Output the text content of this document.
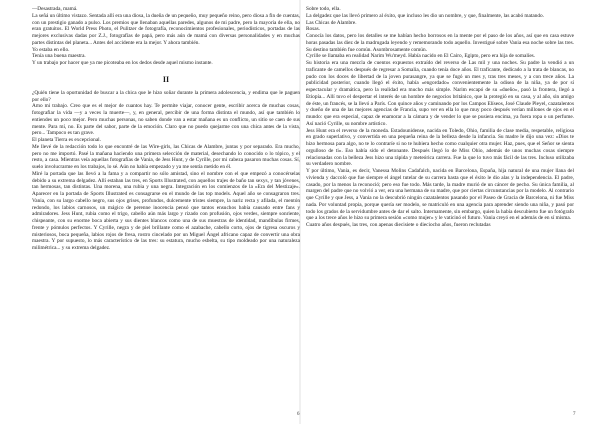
—Desastrada, mamá.

La señá un último vistazo. Sentada allí era una diosa, la dueña de un pequeño, muy pequeño reino, pero diosa a fin de cuentas, con un prestigio ganado a pulso. Los premios que llenaban aquellas paredes, algunos de mi padre, pero la mayoría de ella, no eran gratuitos. El World Press Photo, el Pulitzer de fotografía, reconocimientos profesionales, periodísticos, portadas de las mejores exclusivas dadas por Z.J., fotografías de papá, pero más aún de mamá con diversas personalidades y en muchas partes distintas del planeta... Antes del accidente era la mejor. Y ahora también.

Yo estaba en ello.

Tenía una buena maestra.

Y un trabajo por hacer que ya me picoteaba en los dedos desde aquel mismo instante.

II

¿Quién tiene la oportunidad de buscar a la chica que le hizo soñar durante la primera adolescencia, y endima que le paguen por ello?

Amo mi trabajo. Creo que es el mejor de cuantos hay. Te permite viajar, conocer gente, escribir acerca de muchas cosas, fotografiar la vida —y a veces la muerte—, y, en general, percibir de una forma distinta el mundo, así que también lo entiendes un poco mejor. Pero muchas personas, no saben donde van a estar mañana es un conflicto, un sitio se caen de sus mente. Para mí, no. Es parte del sabor, parte de la emoción. Claro que no puedo quejarme con una chica antes de la vista, pero... Tampoco es tan grave.

El planeta Tierra es excepcional.

Me llevé de la redacción todo lo que encontré de las Wire-girls, las Chicas de Alambre, juntas y por separado. Era mucho, pero no me importó. Pasé la mañana haciendo una primera selección de material, desechando lo conocido o lo tópico, y el resto, a casa. Mientras veía aquellas fotografías de Vania, de Jess Hunt, y de Cyrille, por mi cabeza pasaron muchas cosas. Sí, suelo involucrarme en los trabajos, lo sé. Aún no había empezado y ya me sentía metido en él.

Miré la portada que las llevó a la fama y a compartir no sólo amistad, sino el nombre con el que empezó a conocérselas debido a su extrema delgadez. Allí estaban las tres, en Sports Illustrated, con aquellos trajes de baño tan sexys, y tan jóvenes, tan hermosas, tan distintas. Una morena, una rubia y una negra. Integración en los comienzos de la «Era del Mestizaje». Aparecer en la portada de Sports Illustrated es consagrarse en el mundo de las top models. Aquel año se consagraron tres. Vania, con su largo cabello negro, sus ojos grises, profundos, dulcemente tristes siempre, la nariz recta y afilada, el mentón redondo, los labios carnosos, un mágico de perenne inocencia pensó que tantos ensuchos babía causado entre fans y admiradores. Jess Hunt, rubia como el trigo, cabello aún más largo y rizado con profusión, ojos verdes, siempre sonriente, chispeante, con su enorme boca abierta y sus dientes blancos como una de sus muestras de identidad, mandíbulas firmes, frente y pómulos perfectos. Y Cyrille, negra y de piel brillante como el azabache, cabello corto, ojos de tigresa oscuros y misteriosos, boca pequeña, labios rojos de fresa, rostro cincelado por un Miguel Ángel africano capaz de convertir una obra maestra. Y por supuesto, lo más característico de las tres: su estatura, mucho esbelta, su tipo moldeado por una naturaleza milimétrica... y su extrema delgadez.

Sobre todo, ella.

La delgadez que las llevó primero al éxito, que incluso les dio un nombre, y que, finalmente, las acabó matando.

Las Chicas de Alambre.

Rosas.

Conocía los datos, pero los detalles se me habían hecho borrosos en la mente por el paso de los años, así que en casa estuve horas pasadas las diez de la madrugada leyendo y rememorando todo aquello. Investigué sobre Vania esa noche sobre las tres. Su destino también fue común. Asombrosamente común.

Cyrille se llamaba en realidad Narim Wu'meyd. Había nacido en El Cairo, Egipto, pero era hija de somalíes.

Su historia era una mezcla de cuentos expuestos extraído del reverso de Las mil y una noches. Su padre la vendió a un traficante de camellos después de regresar a Somalia, cuando tenía doce años. El traficante, dedicado a la trata de blancas, no pudo con los doces de libertad de la joven purasangre, ya que se fugó un mes y, tras tres meses, y a con trece años. La publicidad posterior, cuando llegó el éxito, había «engordado» convenientemente la odisea de la niña, ya de por sí espectacular y dramática, pero la realidad era mucho más simple. Narim escapó de su «dueño», pasó la frontera, llegó a Etiopía... Allí tuvo el despertar el interés de un hombre de negocios británico, que la protegió en su casa, y al año, sin amigo de éste, un francés, se la llevó a París. Con quince años y caminando por los Campos Elíseos, José Claude Pleyel, cazatalentos y dueño de una de las mejores agencias de Francia, supo ver en ella lo que muy poco después verían millones de ojos en el mundo: que era especial, capaz de enamorar a la cámara y de vender lo que se pusiera encima, ya fuera ropa o un perfume. Así nació Cyrille, su nombre artístico.

Jess Hunt era el reverso de la moneda. Estadounidense, nacida en Toledo, Ohio, familia de clase media, respetable, religiosa en grado superlativo, y convertida en una pequeña reina de la belleza desde la infancia. Su madre le dijo una vez: «Dios te hizo hermosa para algo, no te lo contraríe si no te hubiera hecho como cualquier otra mujer. Haz, pues, que el Señor se sienta orgulloso de ti». Eso había sido el detonante. Después llegó lo de Miss Ohio, además de unos muchas cosas siempre relacionadas con la belleza Jess hizo una rápida y meteórica carrera. Fue la que lo tuvo más fácil de las tres. Incluso utilizaba su verdadero nombre.

Y por último, Vania, es decir, Vanessa Molins Cadafalch, nacida en Barcelona, España, hija natural de una mujer llana del vivienda y daccoló que fue siempre el ángel tutelar de su carrera hasta que el éxito le dio alas y la independencia. El padre, casado, por la menos la reconoció; pero eso fue todo. Más tarde, la madre murió de un cáncer de pecho. Su única familia, al margen del padre que no volvió a ver, era una hermana de su madre, que por ciertas circunstancias por la modelo. Al contrario que Cyrille y que Jess, a Vania no la descubrió ningún cazatalentos pasando por el Paseo de Gracia de Barcelona, ni fue Miss nada. Por voluntad propia, porque quería ser modelo, se matriculó en una agencia para aprender siendo una niña, y pasó por todo los grados de la servidumbre antes de dar el salto. Internamente, sin embargo, quien la había descubierto fue un fotógrafo que a los trece años le hizo su primera sesión «como mujer» y le vaticinó el futuro. Vania creyó en el además de en sí misma.

Cuatro años después, las tres, con apenas diecisiete o dieciocho años, fueron reclutadas

6	7
